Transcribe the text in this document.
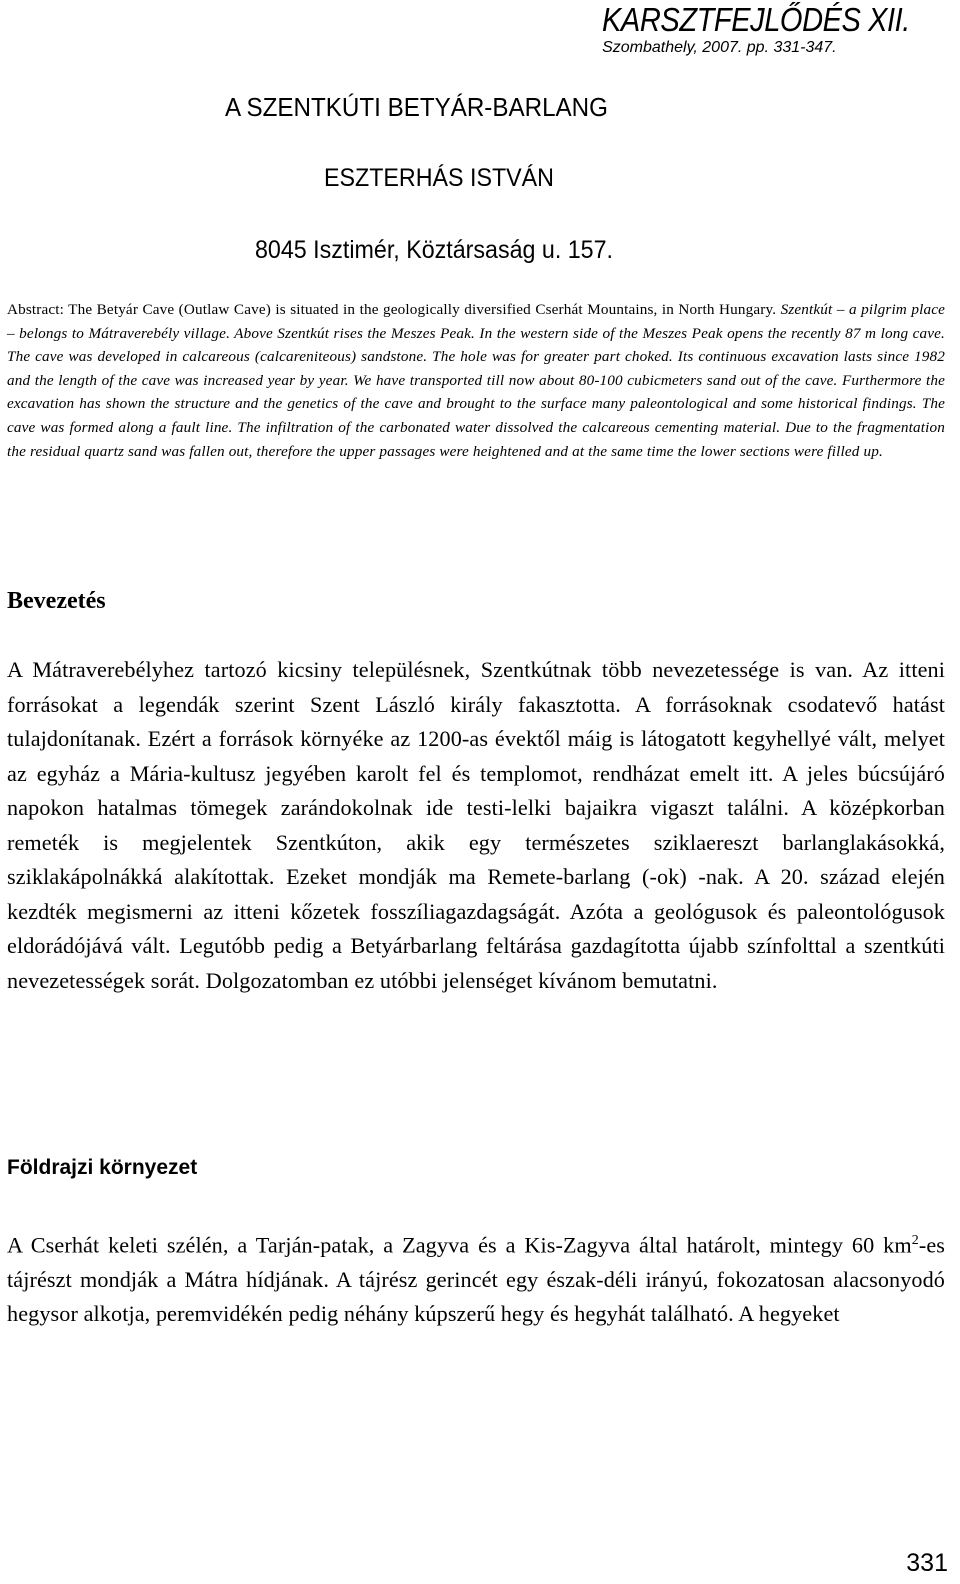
KARSZTFEJLŐDÉS XII.
Szombathely, 2007. pp. 331-347.
A SZENTKÚTI BETYÁR-BARLANG
ESZTERHÁS ISTVÁN
8045 Isztimér, Köztársaság u. 157.
Abstract: The Betyár Cave (Outlaw Cave) is situated in the geologically diversified Cserhát Mountains, in North Hungary. Szentkút – a pilgrim place – belongs to Mátraverebély village. Above Szentkút rises the Meszes Peak. In the western side of the Meszes Peak opens the recently 87 m long cave. The cave was developed in calcareous (calcareniteous) sandstone. The hole was for greater part choked. Its continuous excavation lasts since 1982 and the length of the cave was increased year by year. We have transported till now about 80-100 cubicmeters sand out of the cave. Furthermore the excavation has shown the structure and the genetics of the cave and brought to the surface many paleontological and some historical findings. The cave was formed along a fault line. The infiltration of the carbonated water dissolved the calcareous cementing material. Due to the fragmentation the residual quartz sand was fallen out, therefore the upper passages were heightened and at the same time the lower sections were filled up.
Bevezetés
A Mátraverebélyhez tartozó kicsiny településnek, Szentkútnak több nevezetessége is van. Az itteni forrásokat a legendák szerint Szent László király fakasztotta. A forrásoknak csodatevő hatást tulajdonítanak. Ezért a források környéke az 1200-as évektől máig is látogatott kegyhellyé vált, melyet az egyház a Mária-kultusz jegyében karolt fel és templomot, rendházat emelt itt. A jeles búcsújáró napokon hatalmas tömegek zarándokolnak ide testi-lelki bajaikra vigaszt találni. A középkorban remeték is megjelentek Szentkúton, akik egy természetes sziklaereszt barlanglakásokká, sziklakápolnákká alakítottak. Ezeket mondják ma Remete-barlang (-ok) -nak. A 20. század elején kezdték megismerni az itteni kőzetek fosszíliagazdagságát. Azóta a geológusok és paleontológusok eldorádójává vált. Legutóbb pedig a Betyárbarlang feltárása gazdagította újabb színfolttal a szentkúti nevezetességek sorát. Dolgozatomban ez utóbbi jelenséget kívánom bemutatni.
Földrajzi környezet
A Cserhát keleti szélén, a Tarján-patak, a Zagyva és a Kis-Zagyva által határolt, mintegy 60 $km^2-es$ tájrészt mondják a Mátra hídjának. A tájrész gerincét egy észak-déli irányú, fokozatosan alacsonyodó hegysor alkotja, peremvidékén pedig néhány kúpszerű hegy és hegyhát található. A hegyeket
331
